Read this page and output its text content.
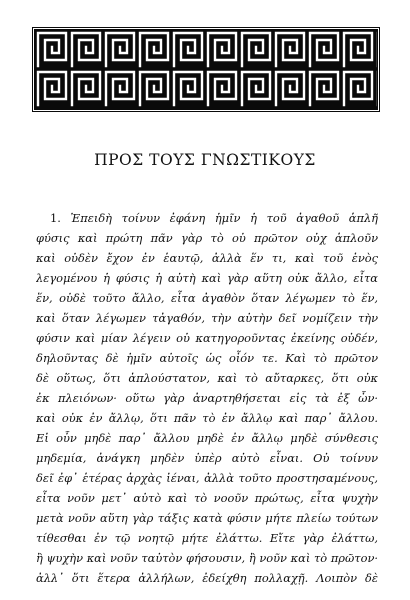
ΠΡΟΣ ΤΟΥΣ ΓΝΩΣΤΙΚΟΥΣ
1. Ἐπειδὴ τοίνυν ἐφάνη ἡμῖν ἡ τοῦ ἀγαθοῦ ἁπλῆ
φύσις καὶ πρώτη πᾶν γὰρ τὸ οὐ πρῶτον οὐχ ἁπλοῦν
καὶ οὐδὲν ἔχον ἐν ἑαυτῷ, ἀλλὰ ἕν τι, καὶ τοῦ ἑνὸς
λεγομένου ἡ φύσις ἡ αὐτὴ καὶ γὰρ αὕτη οὐκ ἄλλο, εἶτα
ἕν, οὐδὲ τοῦτο ἄλλο, εἶτα ἀγαθὸν ὅταν λέγωμεν τὸ ἕν,
καὶ ὅταν λέγωμεν τἀγαθόν, τὴν αὐτὴν δεῖ νομίζειν τὴν
φύσιν καὶ μίαν λέγειν οὐ κατηγοροῦντας ἐκείνης οὐδέν,
δηλοῦντας δὲ ἡμῖν αὐτοῖς ὡς οἷόν τε. Καὶ τὸ πρῶτον
δὲ οὕτως, ὅτι ἁπλούστατον, καὶ τὸ αὔταρκες, ὅτι οὐκ
ἐκ πλειόνων· οὕτω γὰρ ἀναρτηθήσεται εἰς τὰ ἐξ ὧν·
καὶ οὐκ ἐν ἄλλῳ, ὅτι πᾶν τὸ ἐν ἄλλῳ καὶ παρ᾽ ἄλλου.
Εἰ οὖν μηδὲ παρ᾽ ἄλλου μηδὲ ἐν ἄλλῳ μηδὲ σύνθεσις
μηδεμία, ἀνάγκη μηδὲν ὑπὲρ αὐτὸ εἶναι. Οὐ τοίνυν
δεῖ ἐφ᾽ ἑτέρας ἀρχὰς ἰέναι, ἀλλὰ τοῦτο προστησαμένους,
εἶτα νοῦν μετ᾽ αὐτὸ καὶ τὸ νοοῦν πρώτως, εἶτα ψυχὴν
μετὰ νοῦν αὕτη γὰρ τάξις κατὰ φύσιν μήτε πλείω τούτων
τίθεσθαι ἐν τῷ νοητῷ μήτε ἐλάττω. Εἴτε γὰρ ἐλάττω,
ἢ ψυχὴν καὶ νοῦν ταὐτὸν φήσουσιν, ἢ νοῦν καὶ τὸ πρῶτον·
ἀλλ᾽ ὅτι ἕτερα ἀλλήλων, ἐδείχθη πολλαχῇ. Λοιπὸν δὲ
